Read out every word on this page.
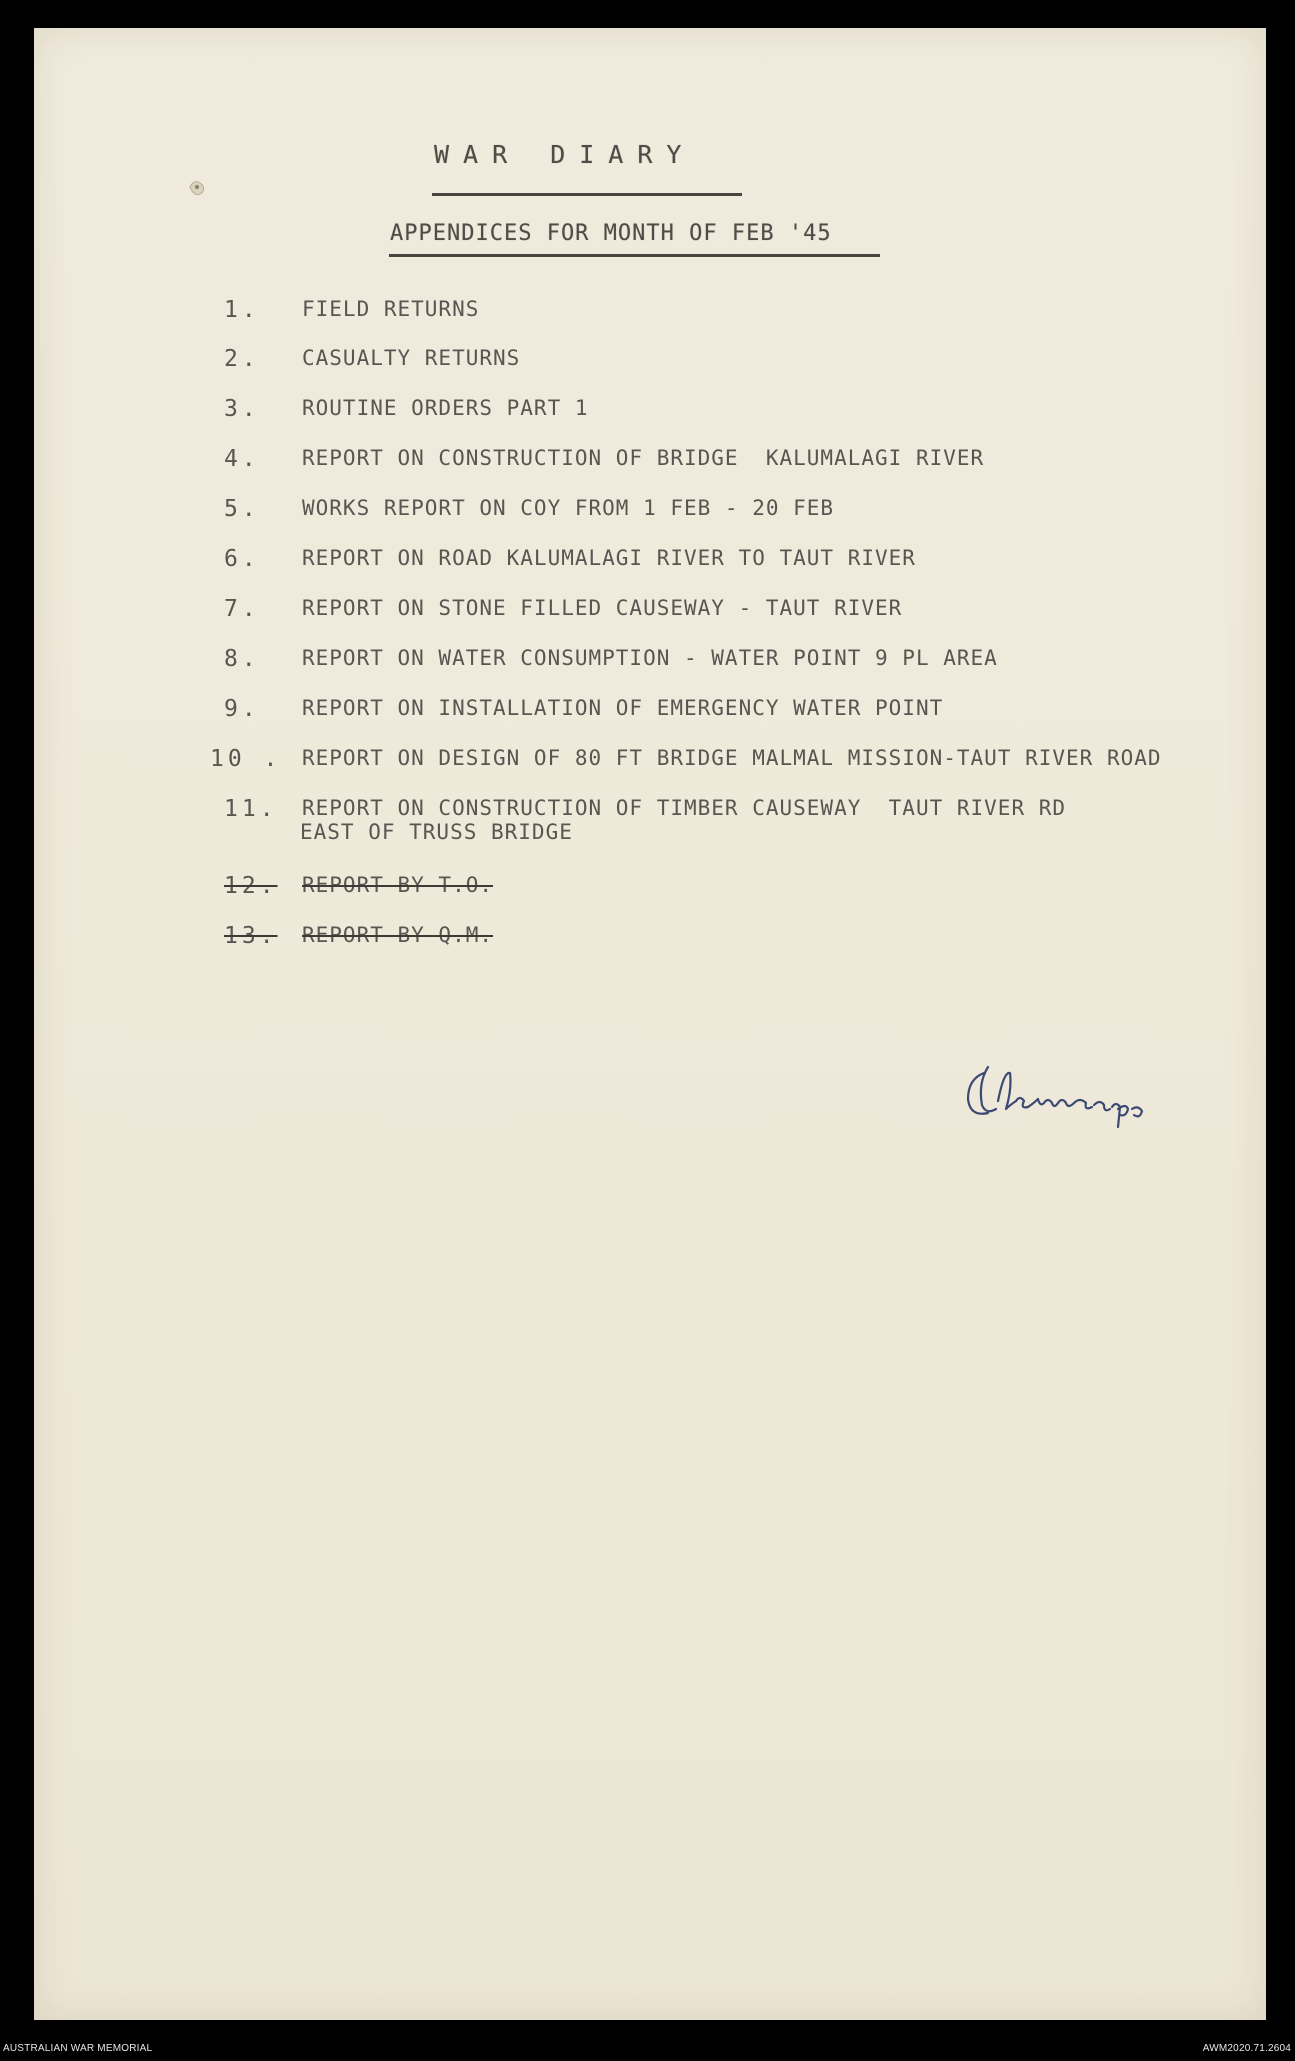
WAR DIARY
APPENDICES FOR MONTH OF FEB '45
1. FIELD RETURNS
2. CASUALTY RETURNS
3. ROUTINE ORDERS PART 1
4. REPORT ON CONSTRUCTION OF BRIDGE  KALUMALAGI RIVER
5. WORKS REPORT ON COY FROM 1 FEB - 20 FEB
6. REPORT ON ROAD KALUMALAGI RIVER TO TAUT RIVER
7. REPORT ON STONE FILLED CAUSEWAY - TAUT RIVER
8. REPORT ON WATER CONSUMPTION - WATER POINT 9 PL AREA
9. REPORT ON INSTALLATION OF EMERGENCY WATER POINT
10 . REPORT ON DESIGN OF 80 FT BRIDGE MALMAL MISSION-TAUT RIVER ROAD
11. REPORT ON CONSTRUCTION OF TIMBER CAUSEWAY  TAUT RIVER RD
EAST OF TRUSS BRIDGE
12. REPORT BY T.O.
13. REPORT BY Q.M.
AUSTRALIAN WAR MEMORIAL	AWM2020.71.2604
